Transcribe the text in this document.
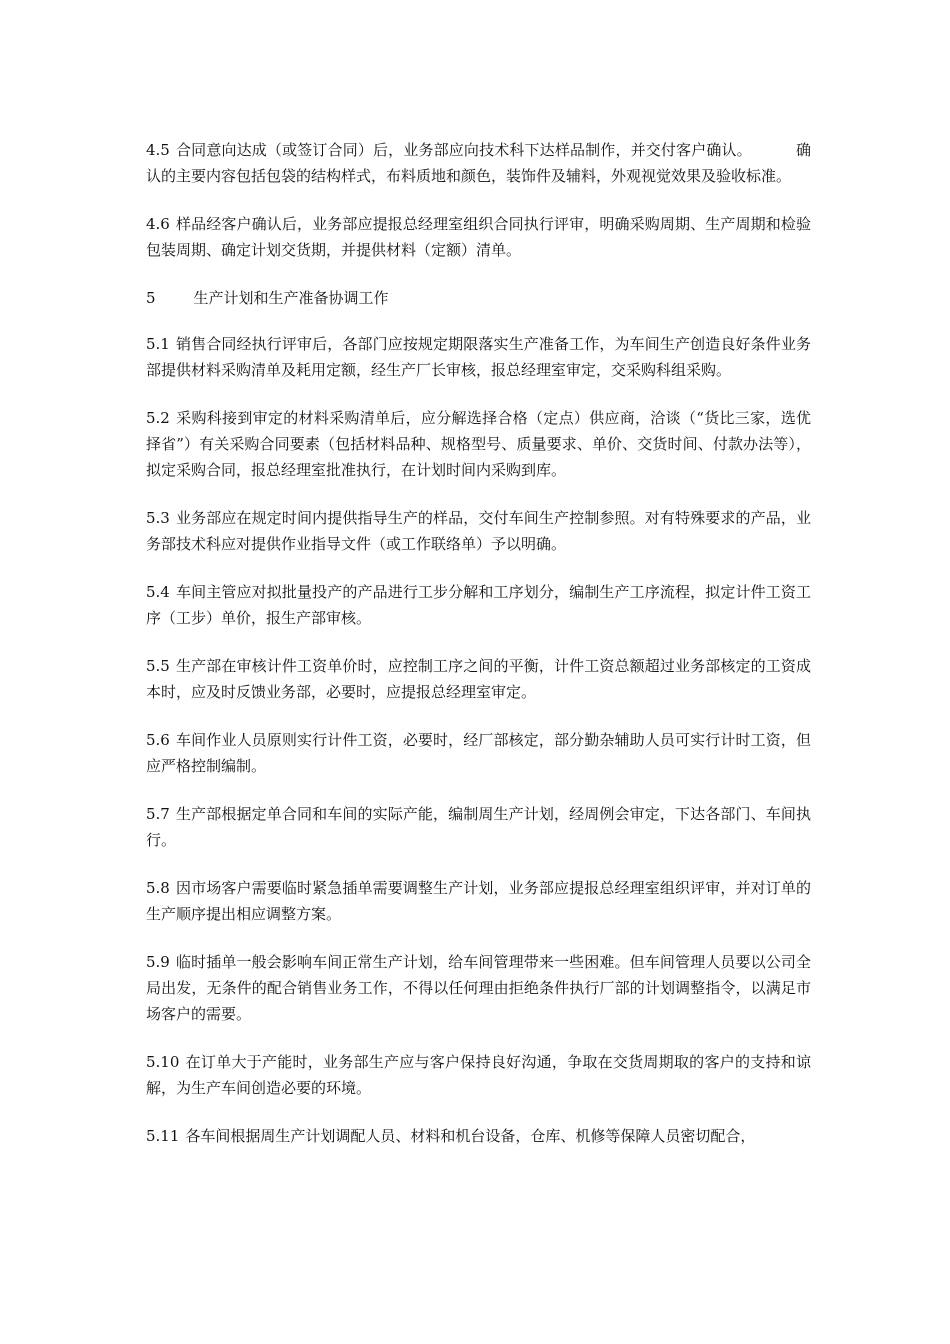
4.5 合同意向达成（或签订合同）后，业务部应向技术科下达样品制作，并交付客户确认。	确认的主要内容包括包袋的结构样式，布料质地和颜色，装饰件及辅料，外观视觉效果及验收标准。

4.6 样品经客户确认后，业务部应提报总经理室组织合同执行评审，明确采购周期、生产周期和检验包装周期、确定计划交货期，并提供材料（定额）清单。

5	生产计划和生产准备协调工作

5.1 销售合同经执行评审后，各部门应按规定期限落实生产准备工作，为车间生产创造良好条件业务部提供材料采购清单及耗用定额，经生产厂长审核，报总经理室审定，交采购科组采购。

5.2 采购科接到审定的材料采购清单后，应分解选择合格（定点）供应商，洽谈（“货比三家，选优择省”）有关采购合同要素（包括材料品种、规格型号、质量要求、单价、交货时间、付款办法等），拟定采购合同，报总经理室批准执行，在计划时间内采购到库。

5.3 业务部应在规定时间内提供指导生产的样品，交付车间生产控制参照。对有特殊要求的产品，业务部技术科应对提供作业指导文件（或工作联络单）予以明确。

5.4 车间主管应对拟批量投产的产品进行工步分解和工序划分，编制生产工序流程，拟定计件工资工序（工步）单价，报生产部审核。

5.5 生产部在审核计件工资单价时，应控制工序之间的平衡，计件工资总额超过业务部核定的工资成本时，应及时反馈业务部，必要时，应提报总经理室审定。

5.6 车间作业人员原则实行计件工资，必要时，经厂部核定，部分勤杂辅助人员可实行计时工资，但应严格控制编制。

5.7 生产部根据定单合同和车间的实际产能，编制周生产计划，经周例会审定，下达各部门、车间执行。

5.8 因市场客户需要临时紧急插单需要调整生产计划，业务部应提报总经理室组织评审，并对订单的生产顺序提出相应调整方案。

5.9 临时插单一般会影响车间正常生产计划，给车间管理带来一些困难。但车间管理人员要以公司全局出发，无条件的配合销售业务工作，不得以任何理由拒绝条件执行厂部的计划调整指令，以满足市场客户的需要。

5.10 在订单大于产能时，业务部生产应与客户保持良好沟通，争取在交货周期取的客户的支持和谅解，为生产车间创造必要的环境。

5.11 各车间根据周生产计划调配人员、材料和机台设备，仓库、机修等保障人员密切配合，
